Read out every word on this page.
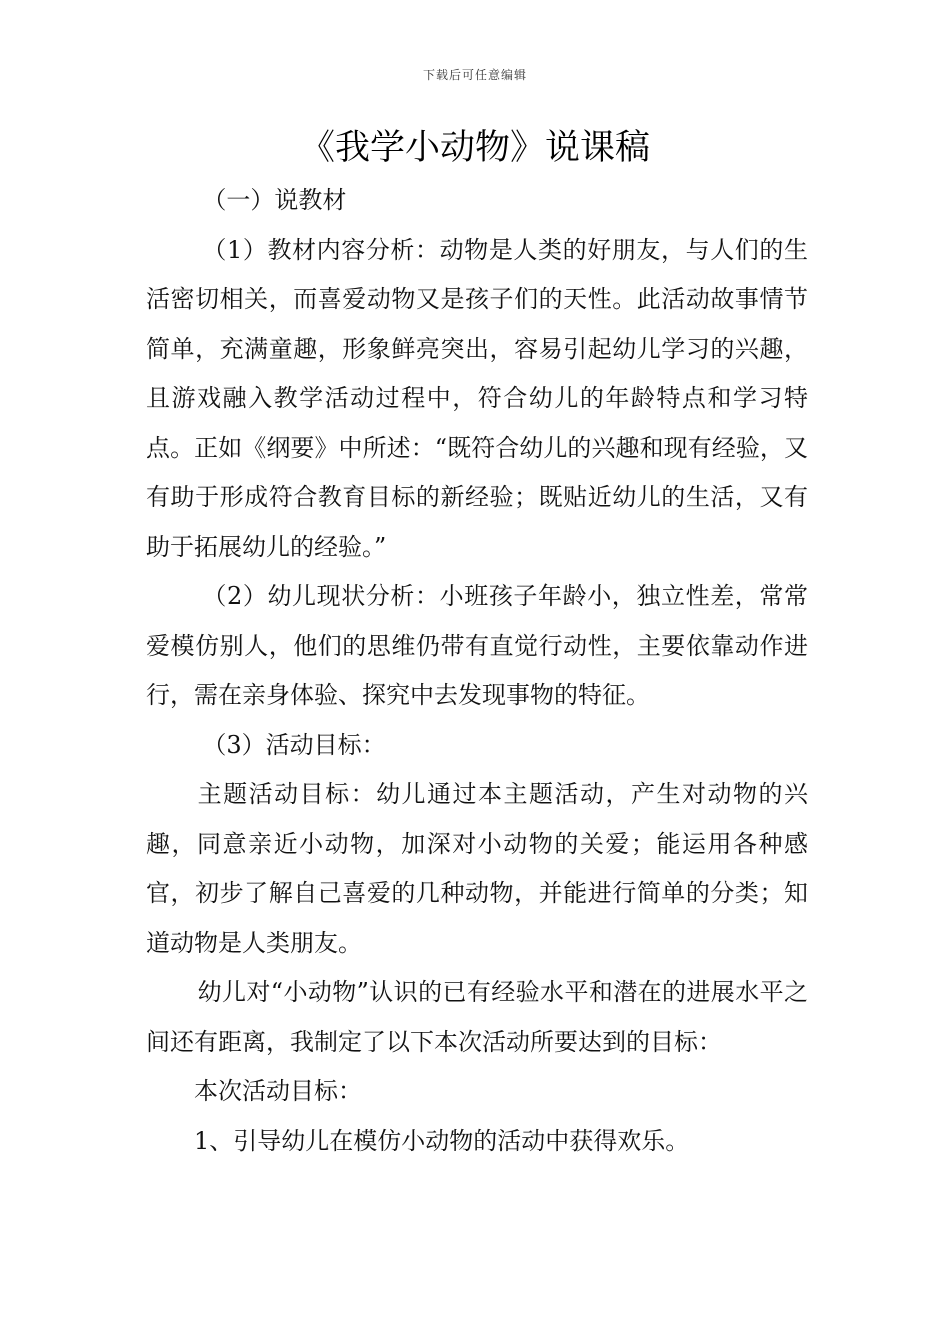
下载后可任意编辑
《我学小动物》说课稿

（一）说教材

（1）教材内容分析：动物是人类的好朋友，与人们的生活密切相关，而喜爱动物又是孩子们的天性。此活动故事情节简单，充满童趣，形象鲜亮突出，容易引起幼儿学习的兴趣，且游戏融入教学活动过程中，符合幼儿的年龄特点和学习特点。正如《纲要》中所述：“既符合幼儿的兴趣和现有经验，又有助于形成符合教育目标的新经验；既贴近幼儿的生活，又有助于拓展幼儿的经验。”

（2）幼儿现状分析：小班孩子年龄小，独立性差，常常爱模仿别人，他们的思维仍带有直觉行动性，主要依靠动作进行，需在亲身体验、探究中去发现事物的特征。

（3）活动目标：

主题活动目标：幼儿通过本主题活动，产生对动物的兴趣，同意亲近小动物，加深对小动物的关爱；能运用各种感官，初步了解自己喜爱的几种动物，并能进行简单的分类；知道动物是人类朋友。

幼儿对“小动物”认识的已有经验水平和潜在的进展水平之间还有距离，我制定了以下本次活动所要达到的目标：

本次活动目标：

1、引导幼儿在模仿小动物的活动中获得欢乐。
